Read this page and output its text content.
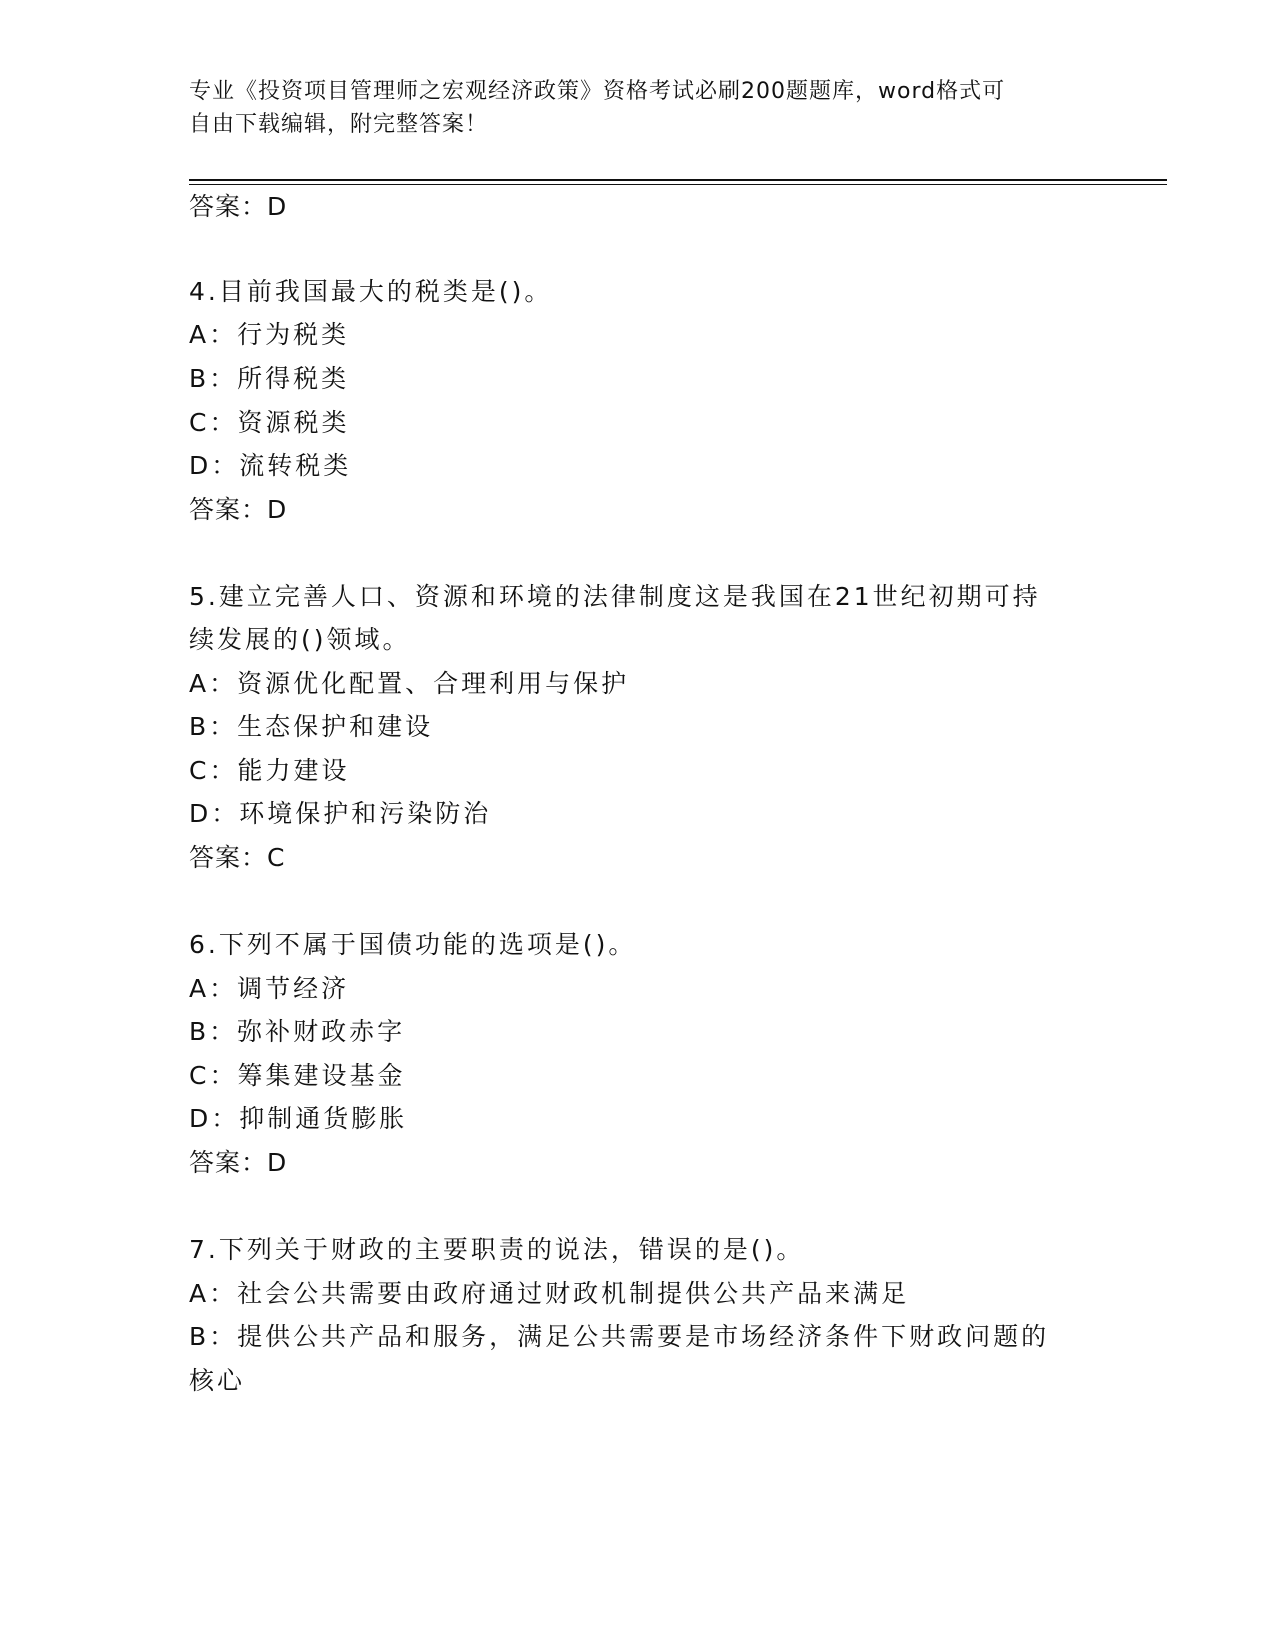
专业《投资项目管理师之宏观经济政策》资格考试必刷200题题库，word格式可
自由下载编辑，附完整答案！
答案：D
4.目前我国最大的税类是()。
A：行为税类
B：所得税类
C：资源税类
D：流转税类
答案：D
5.建立完善人口、资源和环境的法律制度这是我国在21世纪初期可持
续发展的()领域。
A：资源优化配置、合理利用与保护
B：生态保护和建设
C：能力建设
D：环境保护和污染防治
答案：C
6.下列不属于国债功能的选项是()。
A：调节经济
B：弥补财政赤字
C：筹集建设基金
D：抑制通货膨胀
答案：D
7.下列关于财政的主要职责的说法，错误的是()。
A：社会公共需要由政府通过财政机制提供公共产品来满足
B：提供公共产品和服务，满足公共需要是市场经济条件下财政问题的
核心
